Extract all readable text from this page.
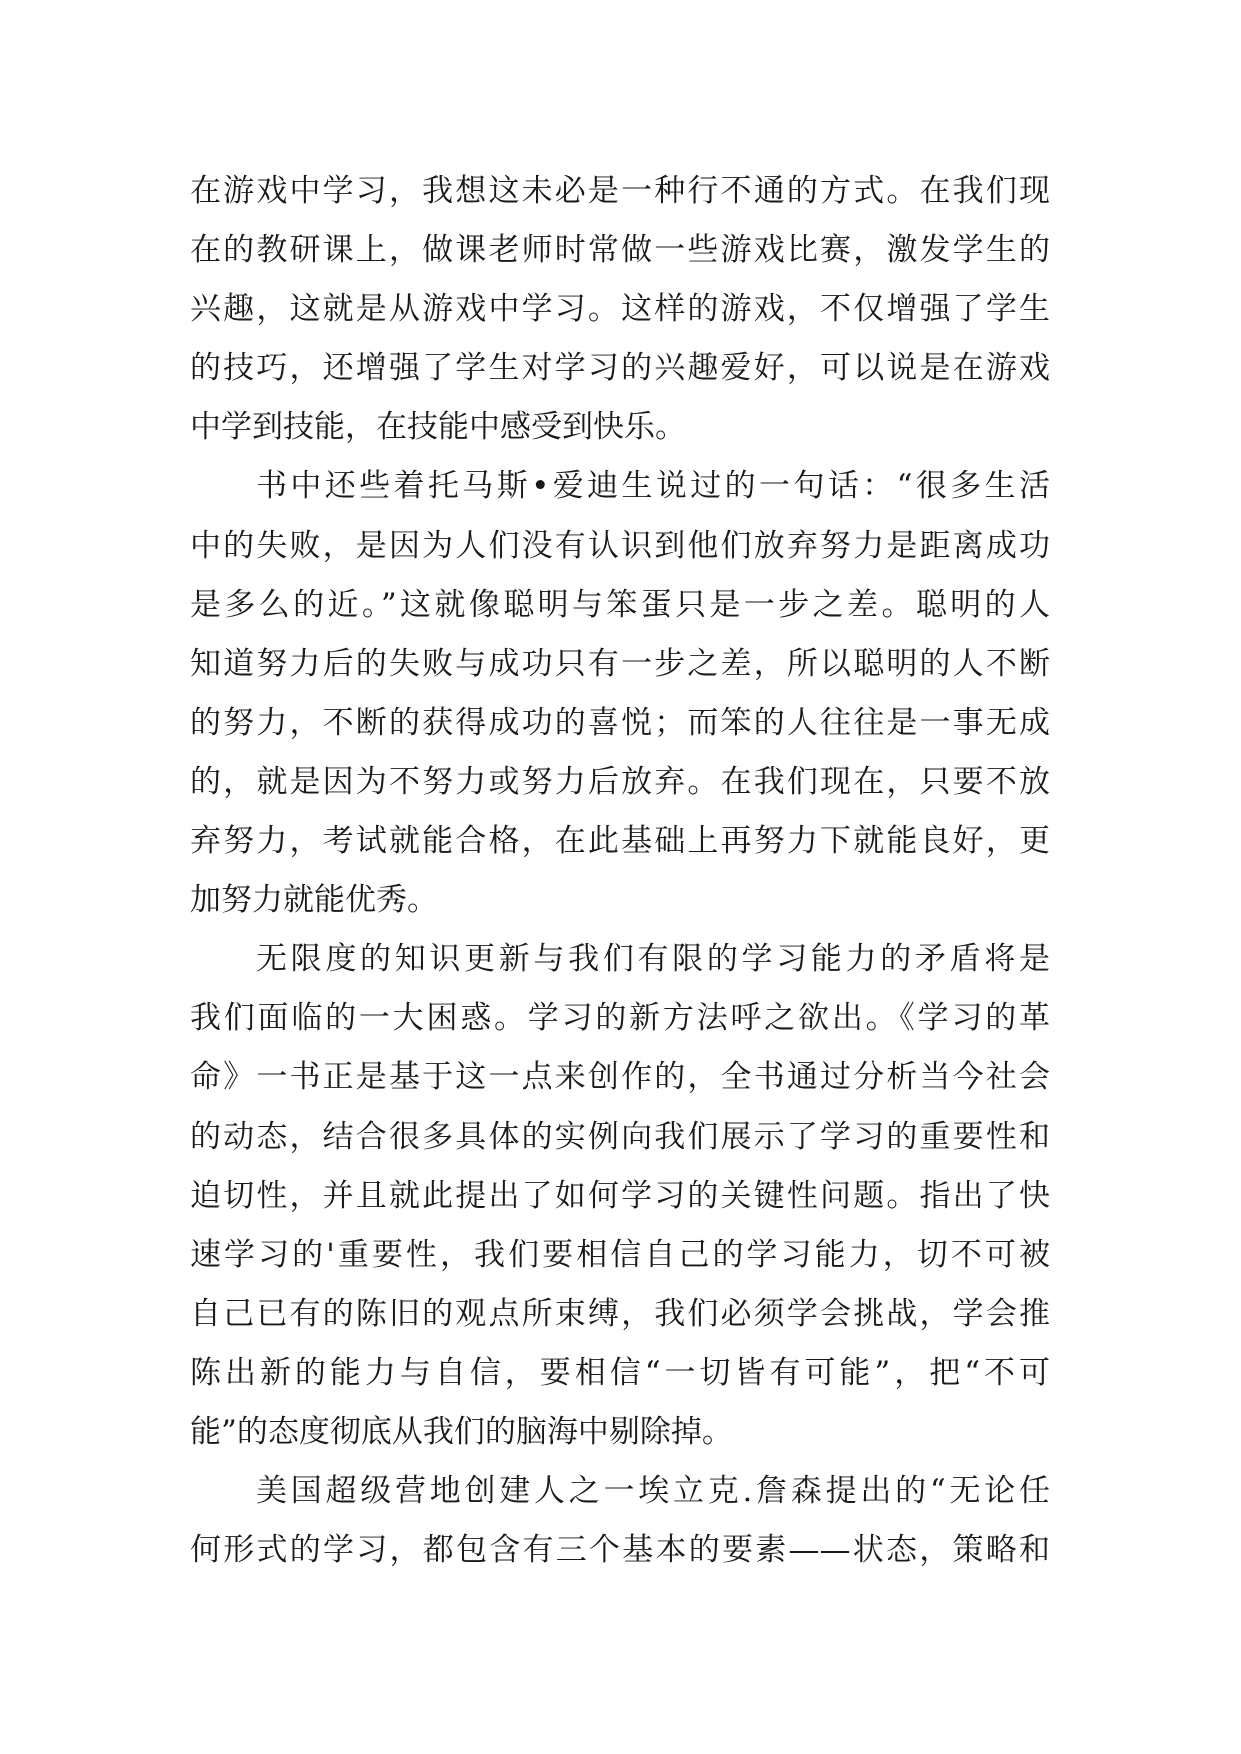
在游戏中学习，我想这未必是一种行不通的方式。在我们现
在的教研课上，做课老师时常做一些游戏比赛，激发学生的
兴趣，这就是从游戏中学习。这样的游戏，不仅增强了学生
的技巧，还增强了学生对学习的兴趣爱好，可以说是在游戏
中学到技能，在技能中感受到快乐。
书中还些着托马斯•爱迪生说过的一句话：“很多生活
中的失败，是因为人们没有认识到他们放弃努力是距离成功
是多么的近。”这就像聪明与笨蛋只是一步之差。聪明的人
知道努力后的失败与成功只有一步之差，所以聪明的人不断
的努力，不断的获得成功的喜悦；而笨的人往往是一事无成
的，就是因为不努力或努力后放弃。在我们现在，只要不放
弃努力，考试就能合格，在此基础上再努力下就能良好，更
加努力就能优秀。
无限度的知识更新与我们有限的学习能力的矛盾将是
我们面临的一大困惑。学习的新方法呼之欲出。《学习的革
命》一书正是基于这一点来创作的，全书通过分析当今社会
的动态，结合很多具体的实例向我们展示了学习的重要性和
迫切性，并且就此提出了如何学习的关键性问题。指出了快
速学习的'重要性，我们要相信自己的学习能力，切不可被
自己已有的陈旧的观点所束缚，我们必须学会挑战，学会推
陈出新的能力与自信，要相信“一切皆有可能”，把“不可
能”的态度彻底从我们的脑海中剔除掉。
美国超级营地创建人之一埃立克.詹森提出的“无论任
何形式的学习，都包含有三个基本的要素——状态，策略和
